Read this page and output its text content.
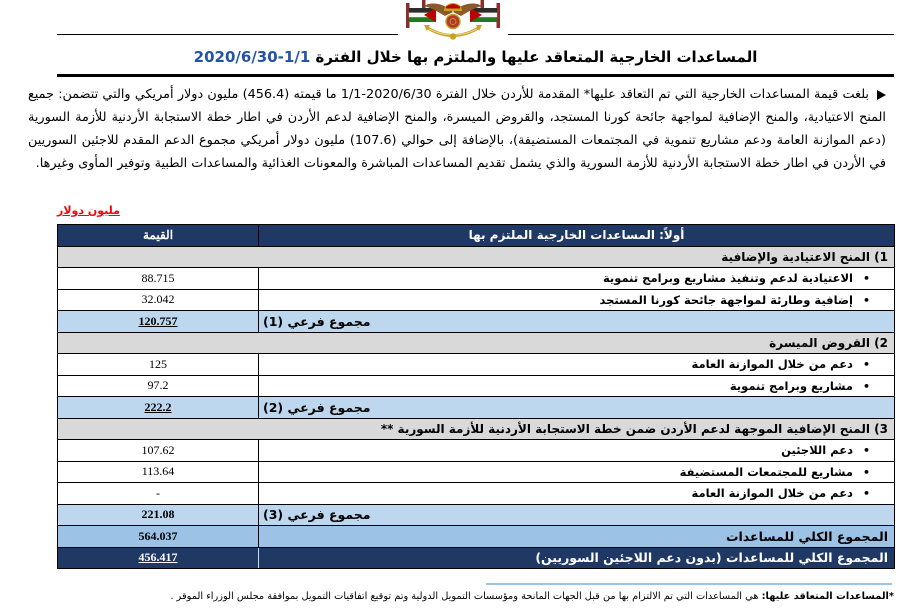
المساعدات الخارجية المتعاقد عليها والملتزم بها خلال الفترة 2020/6/30-1/1
بلغت قيمة المساعدات الخارجية التي تم التعاقد عليها* المقدمة للأردن خلال الفترة 2020/6/30-1/1 ما قيمته (456.4) مليون دولار أمريكي والتي تتضمن: جميع المنح الاعتيادية، والمنح الإضافية لمواجهة جائحة كورنا المستجد، والقروض الميسرة، والمنح الإضافية لدعم الأردن في اطار خطة الاستجابة الأردنية للأزمة السورية (دعم الموازنة العامة ودعم مشاريع تنموية في المجتمعات المستضيفة)، بالإضافة إلى حوالي (107.6) مليون دولار أمريكي مجموع الدعم المقدم للاجئين السوريين في الأردن في اطار خطة الاستجابة الأردنية للأزمة السورية والذي يشمل تقديم المساعدات المباشرة والمعونات الغذائية والمساعدات الطبية وتوفير المأوى وغيرها.
مليون دولار
أولاً: المساعدات الخارجية الملتزم بها	القيمة
1) المنح الاعتيادية والإضافية	
•الاعتيادية لدعم وتنفيذ مشاريع وبرامج تنموية	88.715
•إضافية وطارئة لمواجهة جائحة كورنا المستجد	32.042
مجموع فرعي (1)	120.757
2) القروض الميسرة	
•دعم من خلال الموازنة العامة	125
•مشاريع وبرامج تنموية	97.2
مجموع فرعي (2)	222.2
3) المنح الإضافية الموجهة لدعم الأردن ضمن خطة الاستجابة الأردنية للأزمة السورية **	
•دعم اللاجئين	107.62
•مشاريع للمجتمعات المستضيفة	113.64
•دعم من خلال الموازنة العامة	-
مجموع فرعي (3)	221.08
المجموع الكلي للمساعدات	564.037
المجموع الكلي للمساعدات (بدون دعم اللاجئين السوريين)	456.417
*المساعدات المتعاقد عليها: هي المساعدات التي تم الالتزام بها من قبل الجهات المانحة ومؤسسات التمويل الدولية وتم توقيع اتفاقيات التمويل بموافقة مجلس الوزراء الموقر .
